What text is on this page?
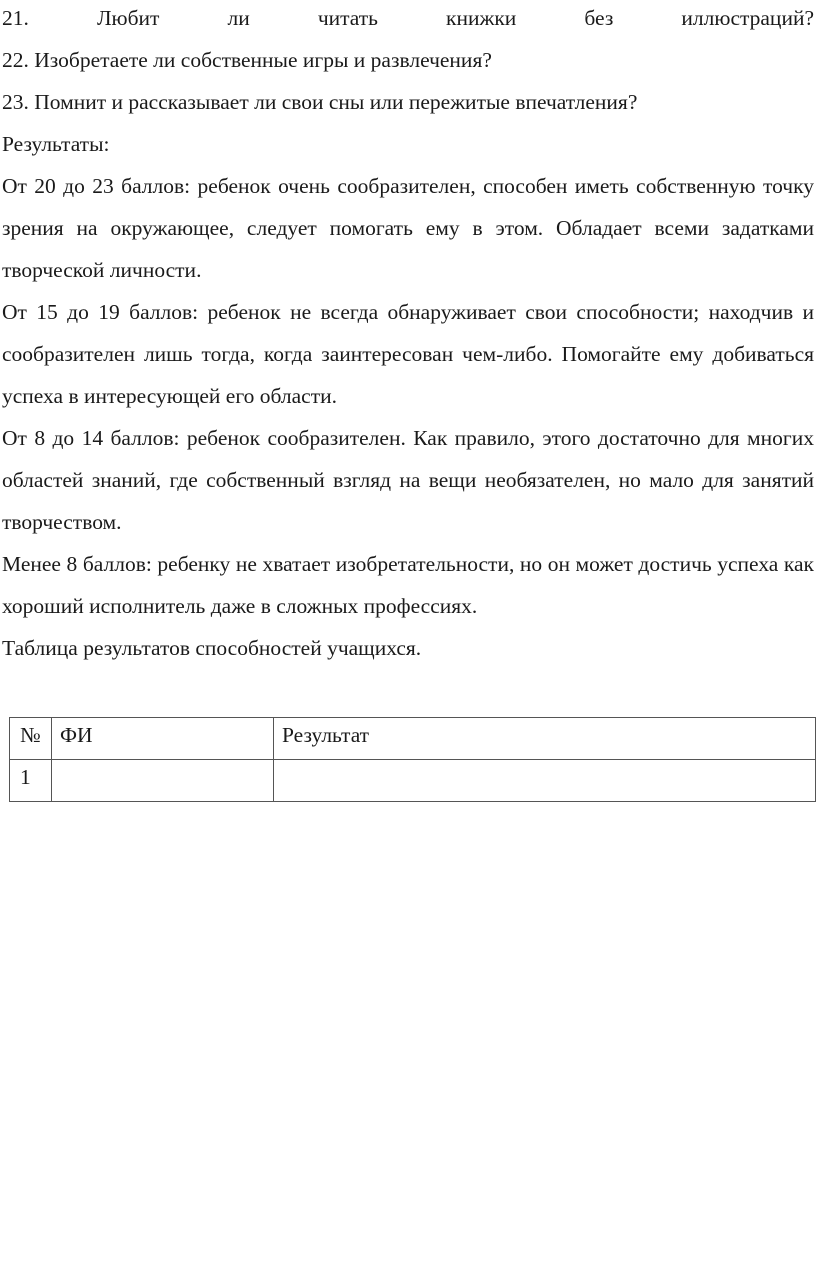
21. Любит ли читать книжки без иллюстраций?

22. Изобретаете ли собственные игры и развлечения?

23. Помнит и рассказывает ли свои сны или пережитые впечатления?

Результаты:

От 20 до 23 баллов: ребенок очень сообразителен, способен иметь собственную точку зрения на окружающее, следует помогать ему в этом. Обладает всеми задатками творческой личности.

От 15 до 19 баллов: ребенок не всегда обнаруживает свои способности; находчив и сообразителен лишь тогда, когда заинтересован чем-либо. Помогайте ему добиваться успеха в интересующей его области.

От 8 до 14 баллов: ребенок сообразителен. Как правило, этого достаточно для многих областей знаний, где собственный взгляд на вещи необязателен, но мало для занятий творчеством.

Менее 8 баллов: ребенку не хватает изобретательности, но он может достичь успеха как хороший исполнитель даже в сложных профессиях.

Таблица результатов способностей учащихся.

№	ФИ	Результат
1		
